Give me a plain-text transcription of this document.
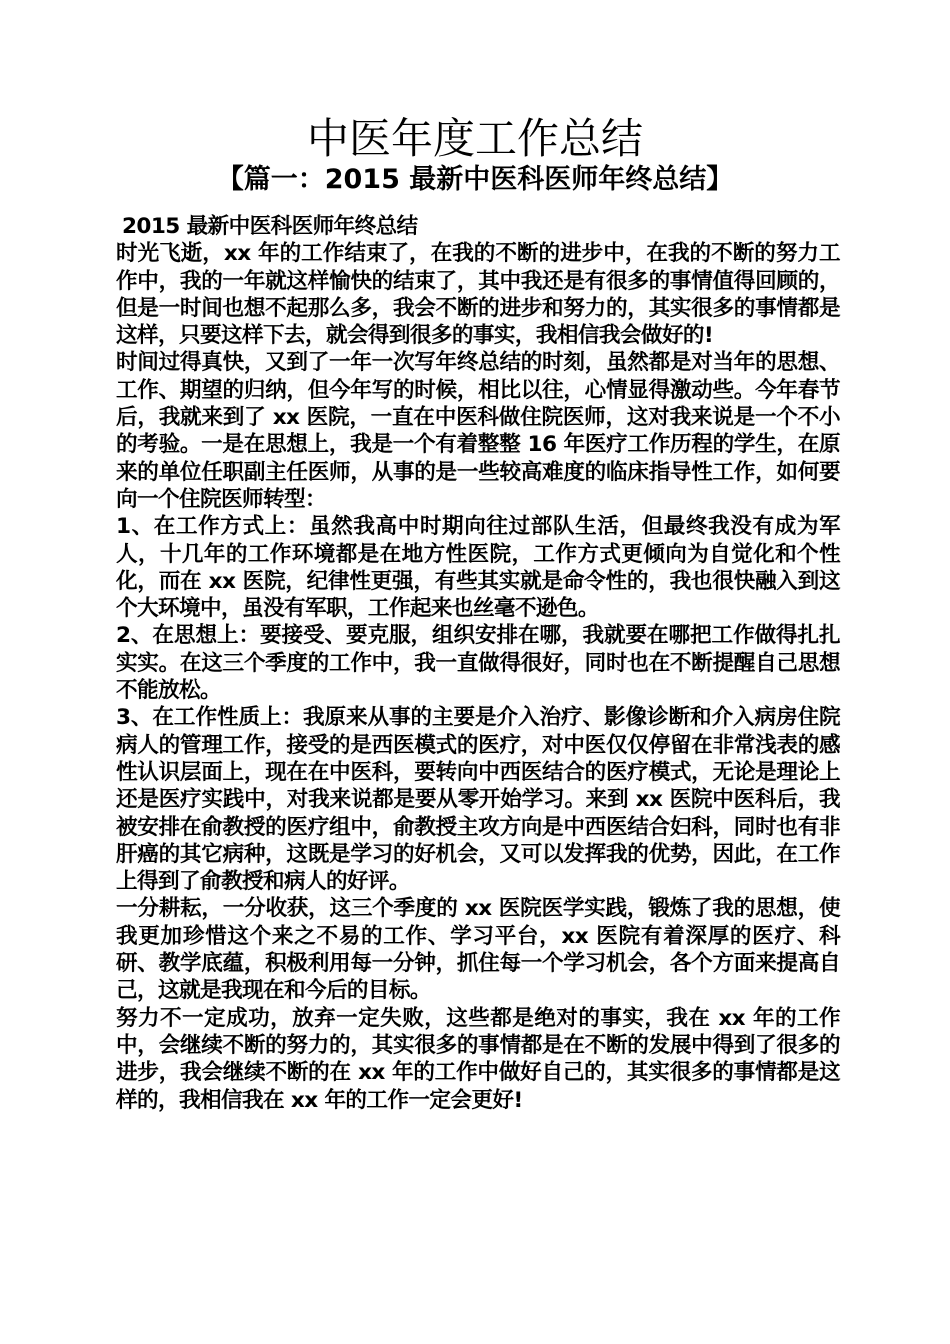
中医年度工作总结
【篇一：2015 最新中医科医师年终总结】

2015 最新中医科医师年终总结

时光飞逝，xx 年的工作结束了，在我的不断的进步中，在我的不断的努力工作中，我的一年就这样愉快的结束了，其中我还是有很多的事情值得回顾的，但是一时间也想不起那么多，我会不断的进步和努力的，其实很多的事情都是这样，只要这样下去，就会得到很多的事实，我相信我会做好的!

时间过得真快，又到了一年一次写年终总结的时刻，虽然都是对当年的思想、工作、期望的归纳，但今年写的时候，相比以往，心情显得激动些。今年春节后，我就来到了 xx 医院，一直在中医科做住院医师，这对我来说是一个不小的考验。一是在思想上，我是一个有着整整 16 年医疗工作历程的学生，在原来的单位任职副主任医师，从事的是一些较高难度的临床指导性工作，如何要向一个住院医师转型：

1、在工作方式上：虽然我高中时期向往过部队生活，但最终我没有成为军人，十几年的工作环境都是在地方性医院，工作方式更倾向为自觉化和个性化，而在 xx 医院，纪律性更强，有些其实就是命令性的，我也很快融入到这个大环境中，虽没有军职，工作起来也丝毫不逊色。

2、在思想上：要接受、要克服，组织安排在哪，我就要在哪把工作做得扎扎实实。在这三个季度的工作中，我一直做得很好，同时也在不断提醒自己思想不能放松。

3、在工作性质上：我原来从事的主要是介入治疗、影像诊断和介入病房住院病人的管理工作，接受的是西医模式的医疗，对中医仅仅停留在非常浅表的感性认识层面上，现在在中医科，要转向中西医结合的医疗模式，无论是理论上还是医疗实践中，对我来说都是要从零开始学习。来到 xx 医院中医科后，我被安排在俞教授的医疗组中，俞教授主攻方向是中西医结合妇科，同时也有非肝癌的其它病种，这既是学习的好机会，又可以发挥我的优势，因此，在工作上得到了俞教授和病人的好评。

一分耕耘，一分收获，这三个季度的 xx 医院医学实践，锻炼了我的思想，使我更加珍惜这个来之不易的工作、学习平台，xx 医院有着深厚的医疗、科研、教学底蕴，积极利用每一分钟，抓住每一个学习机会，各个方面来提高自己，这就是我现在和今后的目标。

努力不一定成功，放弃一定失败，这些都是绝对的事实，我在 xx 年的工作中，会继续不断的努力的，其实很多的事情都是在不断的发展中得到了很多的进步，我会继续不断的在 xx 年的工作中做好自己的，其实很多的事情都是这样的，我相信我在 xx 年的工作一定会更好!
